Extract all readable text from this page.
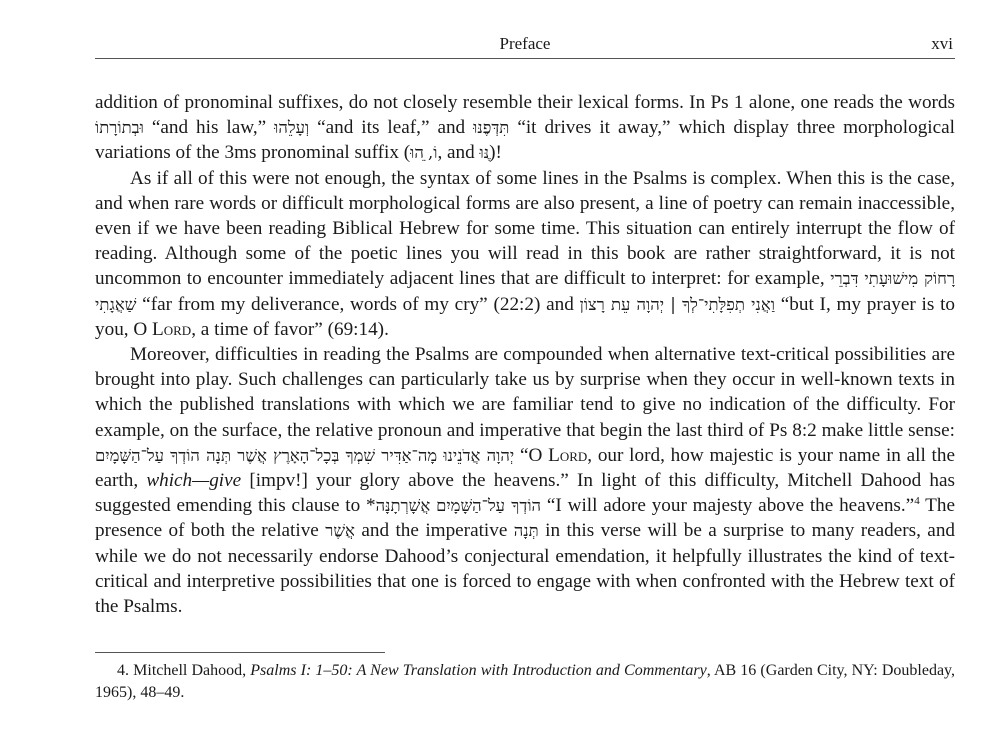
Preface	xvi

addition of pronominal suffixes, do not closely resemble their lexical forms. In Ps 1 alone, one reads the words וּבְתוֹרָתוֹ “and his law,” וְעָלֵהוּ “and its leaf,” and תִּדְּפֶנּוּ “it drives it away,” which display three morphological variations of the 3ms pronominal suffix (וֹ, ֵהוּ, and ֶנּוּ)!

As if all of this were not enough, the syntax of some lines in the Psalms is complex. When this is the case, and when rare words or difficult morphological forms are also present, a line of poetry can remain inaccessible, even if we have been reading Biblical Hebrew for some time. This situation can entirely interrupt the flow of reading. Although some of the poetic lines you will read in this book are rather straightforward, it is not uncommon to encounter immediately adjacent lines that are difficult to interpret: for example, רָחוֹק מִישׁוּעָתִי דִּבְרֵי שַׁאֲגָתִי “far from my deliverance, words of my cry” (22:2) and וַאֲנִי תְפִלָּתִי־לְךָ | יְהוָה עֵת רָצוֹן “but I, my prayer is to you, O Lord, a time of favor” (69:14).

Moreover, difficulties in reading the Psalms are compounded when alternative text-critical possibilities are brought into play. Such challenges can particularly take us by surprise when they occur in well-known texts in which the published translations with which we are familiar tend to give no indication of the difficulty. For example, on the surface, the relative pronoun and imperative that begin the last third of Ps 8:2 make little sense: יְהוָה אֲדֹנֵינוּ מָה־אַדִּיר שִׁמְךָ בְּכָל־הָאָרֶץ אֲשֶׁר תְּנָה הוֹדְךָ עַל־הַשָּׁמָיִם “O Lord, our lord, how majestic is your name in all the earth, which—give [impv!] your glory above the heavens.” In light of this difficulty, Mitchell Dahood has suggested emending this clause to *אֲשָׁרְתָנָּה הוֹדְךָ עַל־הַשָּׁמָיִם “I will adore your majesty above the heavens.”$^4$ The presence of both the relative אֲשֶׁר and the imperative תְּנָה in this verse will be a surprise to many readers, and while we do not necessarily endorse Dahood’s conjectural emendation, it helpfully illustrates the kind of text-critical and interpretive possibilities that one is forced to engage with when confronted with the Hebrew text of the Psalms.

4. Mitchell Dahood, Psalms I: 1–50: A New Translation with Introduction and Commentary, AB 16 (Garden City, NY: Doubleday, 1965), 48–49.
